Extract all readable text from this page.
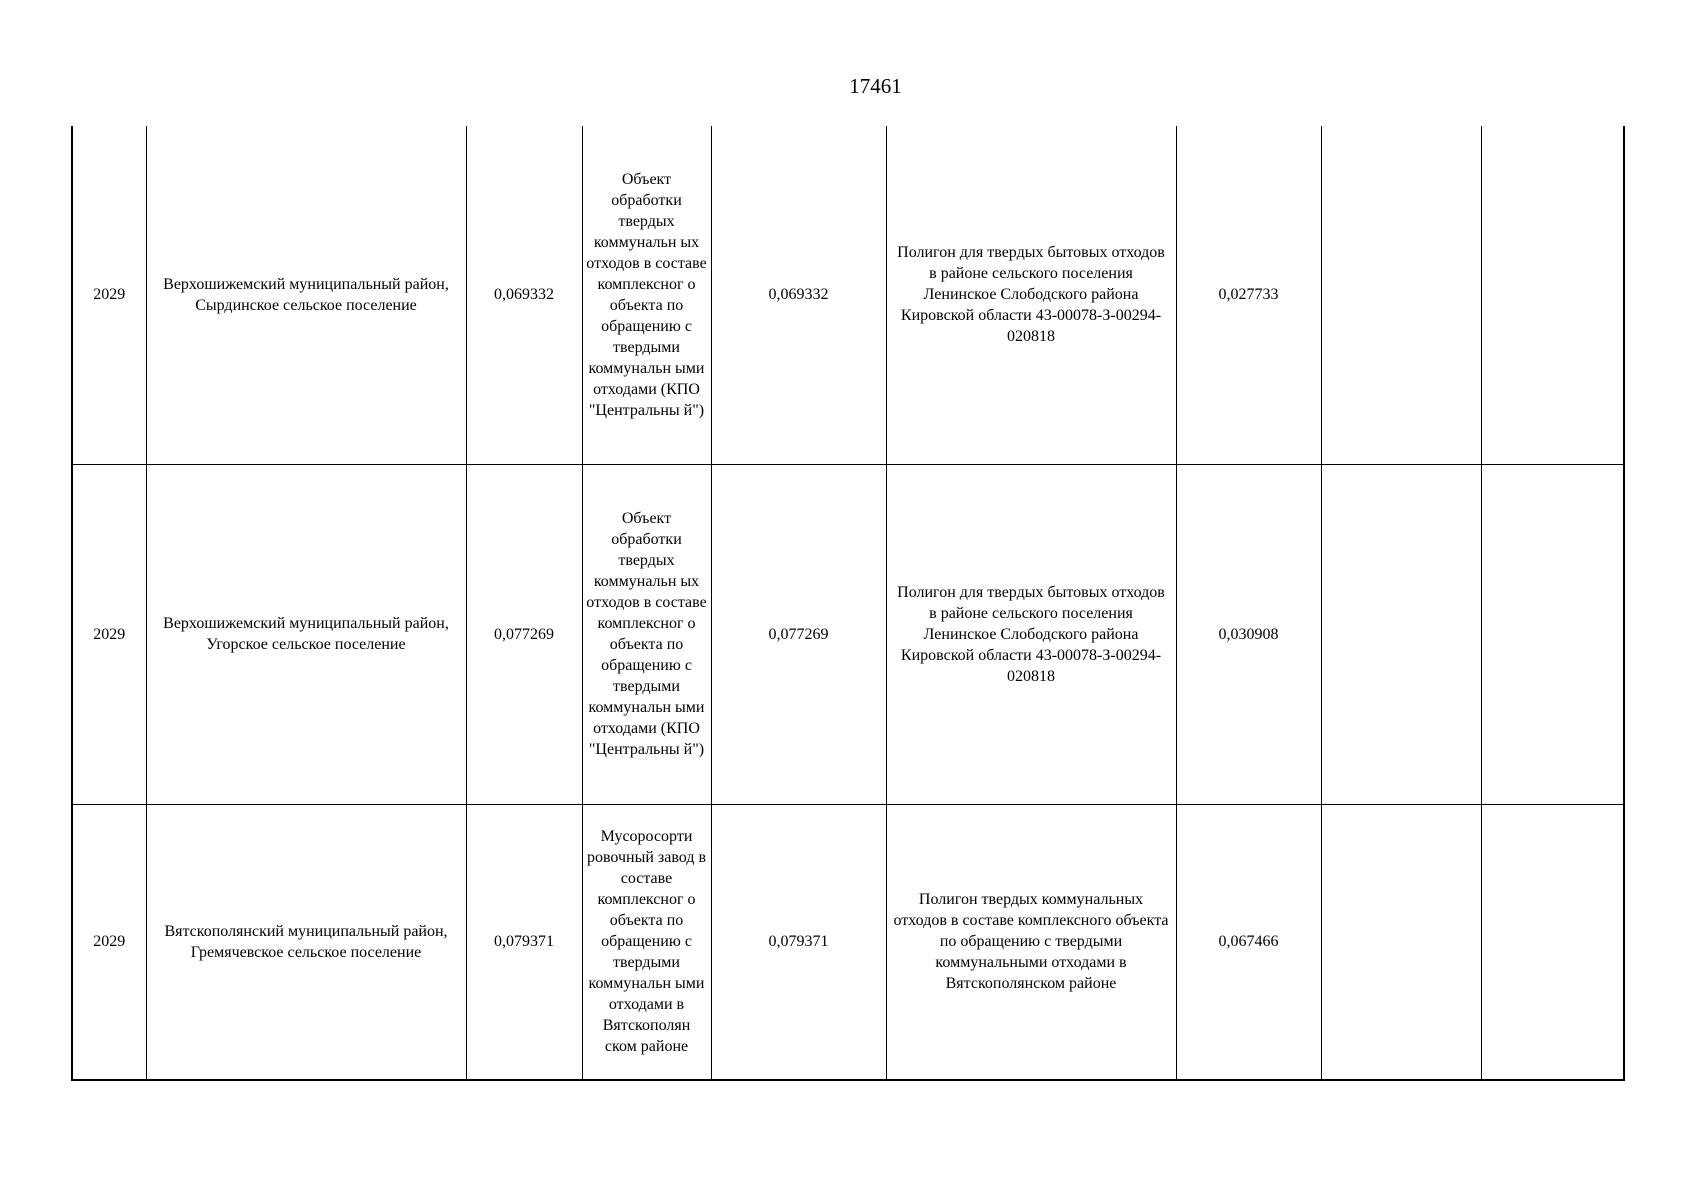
17461
2029	Верхошижемский муниципальный район, Сырдинское сельское поселение	0,069332	Объект обработки твердых коммунальн ых отходов в составе комплексног о объекта по обращению с твердыми коммунальн ыми отходами (КПО "Центральны й")	0,069332	Полигон для твердых бытовых отходов в районе сельского поселения Ленинское Слободского района Кировской области 43-00078-З-00294-020818	0,027733		
2029	Верхошижемский муниципальный район, Угорское сельское поселение	0,077269	Объект обработки твердых коммунальн ых отходов в составе комплексног о объекта по обращению с твердыми коммунальн ыми отходами (КПО "Центральны й")	0,077269	Полигон для твердых бытовых отходов в районе сельского поселения Ленинское Слободского района Кировской области 43-00078-З-00294-020818	0,030908		
2029	Вятскополянский муниципальный район, Гремячевское сельское поселение	0,079371	Мусоросорти ровочный завод в составе комплексног о объекта по обращению с твердыми коммунальн ыми отходами в Вятскополян ском районе	0,079371	Полигон твердых коммунальных отходов в составе комплексного объекта по обращению с твердыми коммунальными отходами в Вятскополянском районе	0,067466		
